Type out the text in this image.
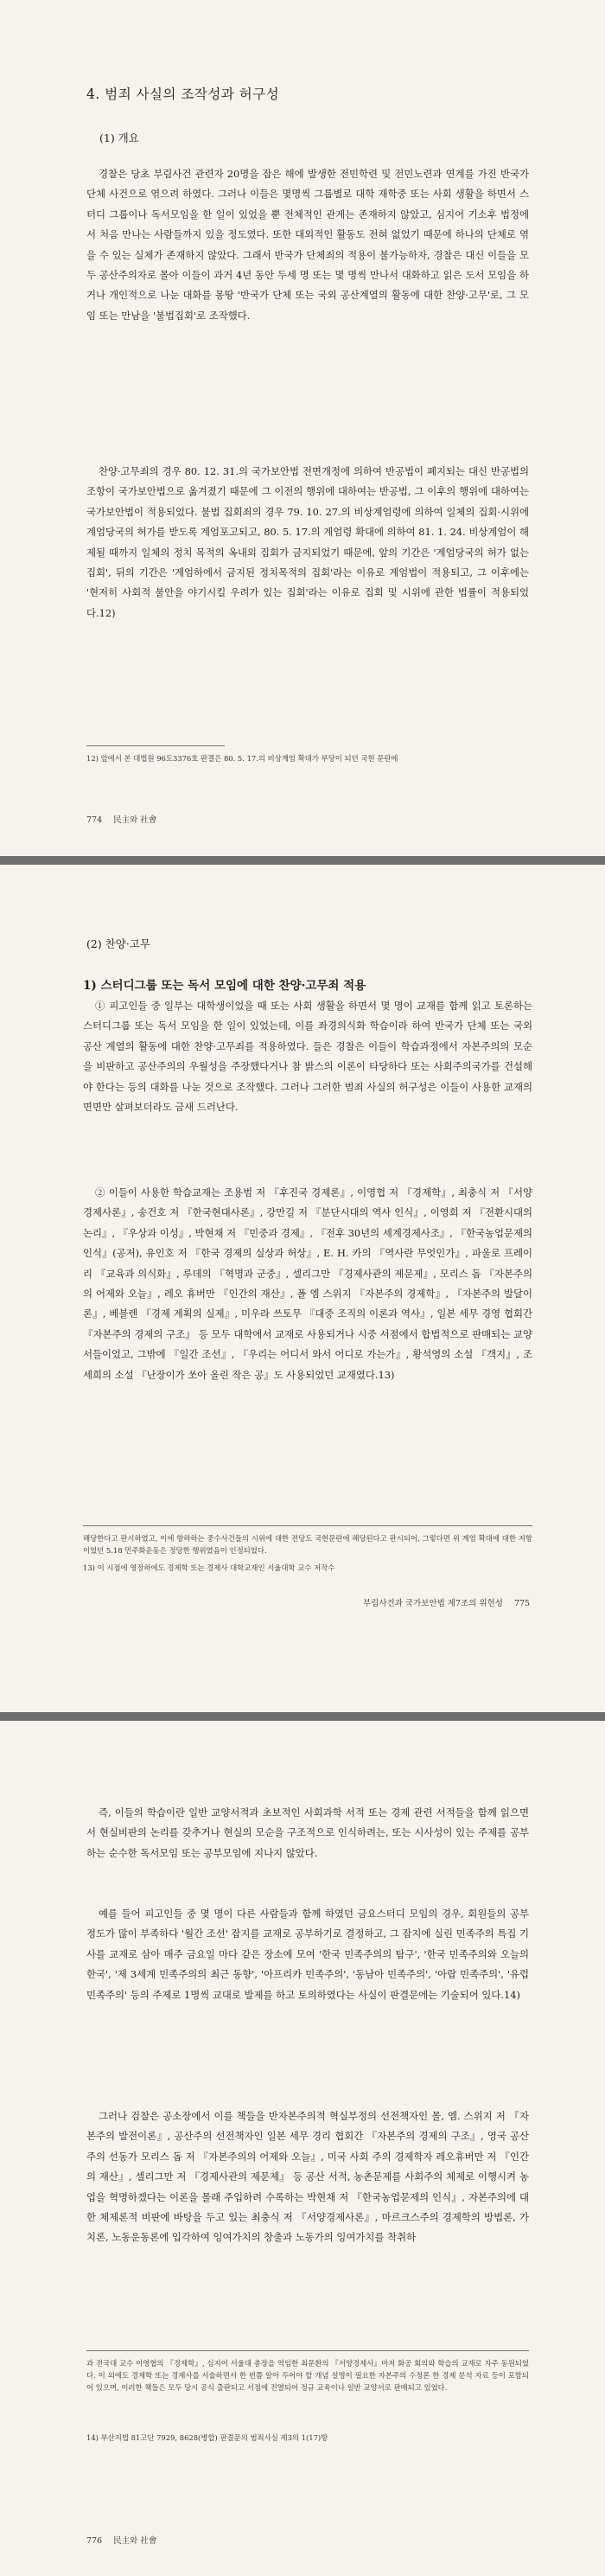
4. 범죄 사실의 조작성과 허구성
(1) 개요

경찰은 당초 부림사건 관련자 20명을 잡은 해에 발생한 전민학련 및 전민노련과 연계를 가진 반국가 단체 사건으로 엮으려 하였다. 그러나 이들은 몇명씩 그룹별로 대학 재학중 또는 사회 생활을 하면서 스터디 그룹이나 독서모임을 한 일이 있었을 뿐 전체적인 관계는 존재하지 않았고, 심지어 기소후 법정에서 처음 만나는 사람들까지 있을 정도였다. 또한 대외적인 활동도 전혀 없었기 때문에 하나의 단체로 엮을 수 있는 실체가 존재하지 않았다. 그래서 반국가 단체죄의 적용이 불가능하자, 경찰은 대신 이들을 모두 공산주의자로 몰아 이들이 과거 4년 동안 두세 명 또는 몇 명씩 만나서 대화하고 읽은 도서 모임을 하거나 개인적으로 나눈 대화를 몽땅 '반국가 단체 또는 국외 공산계열의 활동에 대한 찬양·고무'로, 그 모임 또는 만남을 '불법집회'로 조작했다.

찬양·고무죄의 경우 80. 12. 31.의 국가보안법 전면개정에 의하여 반공법이 폐지되는 대신 반공법의 조항이 국가보안법으로 옮겨졌기 때문에 그 이전의 행위에 대하여는 반공법, 그 이후의 행위에 대하여는 국가보안법이 적용되었다. 불법 집회죄의 경우 79. 10. 27.의 비상계엄령에 의하여 일체의 집회·시위에 계엄당국의 허가를 받도록 계엄포고되고, 80. 5. 17.의 계엄령 확대에 의하여 81. 1. 24. 비상계엄이 해제될 때까지 일체의 정치 목적의 옥내외 집회가 금지되었기 때문에, 앞의 기간은 '계엄당국의 허가 없는 집회', 뒤의 기간은 '계엄하에서 금지된 정치목적의 집회'라는 이유로 계엄법이 적용되고, 그 이후에는 '현저히 사회적 불안을 야기시킬 우려가 있는 집회'라는 이유로 집회 및 시위에 관한 법률이 적용되었다.12)

12) 앞에서 본 대법원 96도3376호 판결은 80. 5. 17.의 비상계엄 확대가 부당이 되던 국헌 문란에

774 民主와 社會
(2) 찬양·고무
1) 스터디그룹 또는 독서 모임에 대한 찬양·고무죄 적용

① 피고인들 중 일부는 대학생이었을 때 또는 사회 생활을 하면서 몇 명이 교재를 함께 읽고 토론하는 스터디그룹 또는 독서 모임을 한 일이 있었는데, 이를 좌경의식화 학습이라 하여 반국가 단체 또는 국외 공산 계열의 활동에 대한 찬양·고무죄를 적용하였다. 들은 경찰은 이들이 학습과정에서 자본주의의 모순을 비판하고 공산주의의 우월성을 주장했다거나 참 밝스의 이론이 타당하다 또는 사회주의국가를 건설해야 한다는 등의 대화를 나눈 것으로 조작했다. 그러나 그러한 범죄 사실의 허구성은 이들이 사용한 교재의 면면만 살펴보더라도 금새 드러난다.

② 이들이 사용한 학습교재는 조용범 저 『후진국 경제론』, 이영협 저 『경제학』, 최충식 저 『서양경제사론』, 송건호 저 『한국현대사론』, 강만길 저 『분단시대의 역사 인식』, 이영희 저 『전환시대의 논리』, 『우상과 이성』, 박현채 저 『민중과 경제』, 『전후 30년의 세계경제사조』, 『한국농업문제의 인식』(공저), 유인호 저 『한국 경제의 실상과 허상』, E. H. 카의 『역사란 무엇인가』, 파울로 프레이리 『교육과 의식화』, 루데의 『혁명과 군중』, 셀리그만 『경제사관의 제문제』, 모리스 돕 『자본주의의 어제와 오늘』, 레오 휴버만 『인간의 재산』, 폴 엠 스위지 『자본주의 경제학』, 『자본주의 발달이론』, 베블렌 『경제 계획의 실제』, 미우라 쓰토무 『대중 조직의 이론과 역사』, 일본 세무 경영 협회간 『자본주의 경제의 구조』 등 모두 대학에서 교재로 사용되거나 시중 서점에서 합법적으로 판매되는 교양서들이었고, 그밖에 『일간 조선』, 『우리는 어디서 와서 어디로 가는가』, 황석영의 소설 『객지』, 조세희의 소설 『난장이가 쏘아 올린 작은 공』도 사용되었던 교재였다.13)

해당한다고 판시하였고, 이에 항하하는 중수사건들의 시위에 대한 전당도 국헌문란에 해당된다고 판시되어, 그렇다면 위 계엄 확대에 대한 저항이었던 5.18 민주화운동은 정당한 행위였음이 인정되었다.

13) 이 시점에 영장하에도 경제학 또는 경제사 대학교재인 서울대학 교수 저작수

부림사건과 국가보안법 제7조의 위헌성 775

즉, 이들의 학습이란 일반 교양서적과 초보적인 사회과학 서적 또는 경제 관련 서적들을 함께 읽으면서 현실비판의 논리를 갖추거나 현실의 모순을 구조적으로 인식하려는, 또는 시사성이 있는 주제를 공부하는 순수한 독서모임 또는 공부모임에 지나지 않았다.

예를 들어 피고인들 중 몇 명이 다른 사람들과 함께 하였던 금요스터디 모임의 경우, 회원들의 공부 정도가 많이 부족하다 '월간 조선' 잡지를 교재로 공부하기로 결정하고, 그 잡지에 실린 민족주의 특집 기사를 교재로 삼아 매주 금요일 마다 같은 장소에 모여 '한국 민족주의의 탐구', '한국 민족주의와 오늘의 한국', '제 3세계 민족주의의 최근 동향', '아프리카 민족주의', '동남아 민족주의', '아랍 민족주의', '유럽 민족주의' 등의 주제로 1명씩 교대로 발제를 하고 토의하였다는 사실이 판결문에는 기술되어 있다.14)

그러나 검찰은 공소장에서 이를 책들을 반자본주의적 혁실부정의 선전책자인 몰, 엠. 스위지 저 『자본주의 발전이론』, 공산주의 선전책자인 일본 세무 경리 협회간 『자본주의 경제의 구조』, 영국 공산주의 선동가 모리스 돕 저 『자본주의의 어제와 오늘』, 미국 사회 주의 경제학자 레오휴버만 저 『인간의 재산』, 셀리그만 저 『경제사관의 제문제』 등 공산 서적, 농촌문제를 사회주의 체제로 이행시켜 농업을 혁명하겠다는 이론을 몰래 주입하려 수록하는 박현채 저 『한국농업문제의 인식』, 자본주의에 대한 체제론적 비판에 바탕을 두고 있는 최충식 저 『서양경제사론』, 마르크스주의 경제학의 방법론, 가치론, 노동운동론에 입각하여 잉여가치의 창출과 노동가의 잉여가치를 착취하

과 전국대 교수 이영협의 『경제학』, 심지어 서울대 총장을 역임한 최문환의 『서양경제사』마저 화공 회의와 학습의 교재로 자주 동원되었다. 이 외에도 경제학 또는 경제사를 서술하면서 한 번쯤 알아 두어야 할 개념 설명이 필요한 자본주의 수정론 한 경제 분석 자료 등이 포함되어 있으며, 이러한 책들은 모두 당시 공식 출판되고 서점에 진열되어 정규 교육이나 일반 교양서로 판매되고 있었다.

14) 부산지법 81고단 7929, 8628(병합) 판결문의 범죄사실 제3의 1(17)항

776 民主와 社會
